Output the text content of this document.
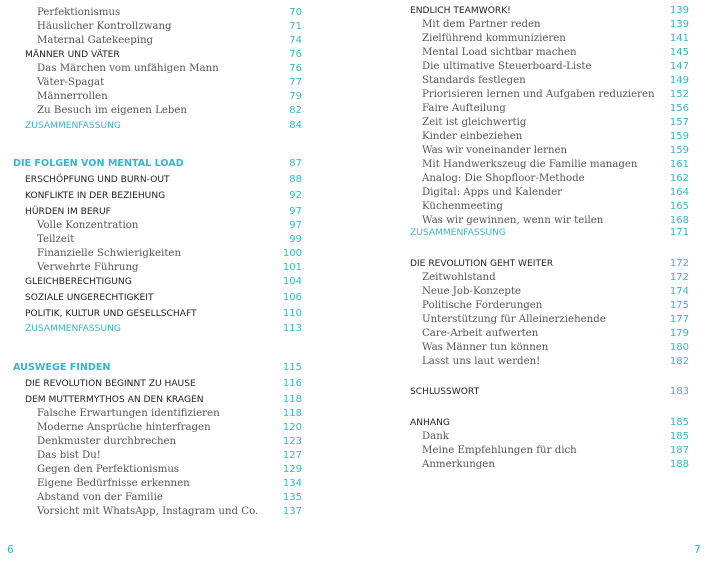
Perfektionismus	70
Häuslicher Kontrollzwang	71
Maternal Gatekeeping	74
MÄNNER UND VÄTER	76
Das Märchen vom unfähigen Mann	76
Väter-Spagat	77
Männerrollen	79
Zu Besuch im eigenen Leben	82
ZUSAMMENFASSUNG	84
DIE FOLGEN VON MENTAL LOAD	87
ERSCHÖPFUNG UND BURN-OUT	88
KONFLIKTE IN DER BEZIEHUNG	92
HÜRDEN IM BERUF	97
Volle Konzentration	97
Teilzeit	99
Finanzielle Schwierigkeiten	100
Verwehrte Führung	101
GLEICHBERECHTIGUNG	104
SOZIALE UNGERECHTIGKEIT	106
POLITIK, KULTUR UND GESELLSCHAFT	110
ZUSAMMENFASSUNG	113
AUSWEGE FINDEN	115
DIE REVOLUTION BEGINNT ZU HAUSE	116
DEM MUTTERMYTHOS AN DEN KRAGEN	118
Falsche Erwartungen identifizieren	118
Moderne Ansprüche hinterfragen	120
Denkmuster durchbrechen	123
Das bist Du!	127
Gegen den Perfektionismus	129
Eigene Bedürfnisse erkennen	134
Abstand von der Familie	135
Vorsicht mit WhatsApp, Instagram und Co. 137
6
ENDLICH TEAMWORK!	139
Mit dem Partner reden	139
Zielführend kommunizieren	141
Mental Load sichtbar machen	145
Die ultimative Steuerboard-Liste	147
Standards festlegen	149
Priorisieren lernen und Aufgaben reduzieren 152
Faire Aufteilung	156
Zeit ist gleichwertig	157
Kinder einbeziehen	159
Was wir voneinander lernen	159
Mit Handwerkszeug die Familie managen	161
Analog: Die Shopfloor-Methode	162
Digital: Apps und Kalender	164
Küchenmeeting	165
Was wir gewinnen, wenn wir teilen	168
ZUSAMMENFASSUNG	171
DIE REVOLUTION GEHT WEITER	172
Zeitwohlstand	172
Neue Job-Konzepte	174
Politische Forderungen	175
Unterstützung für Alleinerziehende	177
Care-Arbeit aufwerten	179
Was Männer tun können	180
Lasst uns laut werden!	182
SCHLUSSWORT	183
ANHANG	185
Dank	185
Meine Empfehlungen für dich	187
Anmerkungen	188
7
